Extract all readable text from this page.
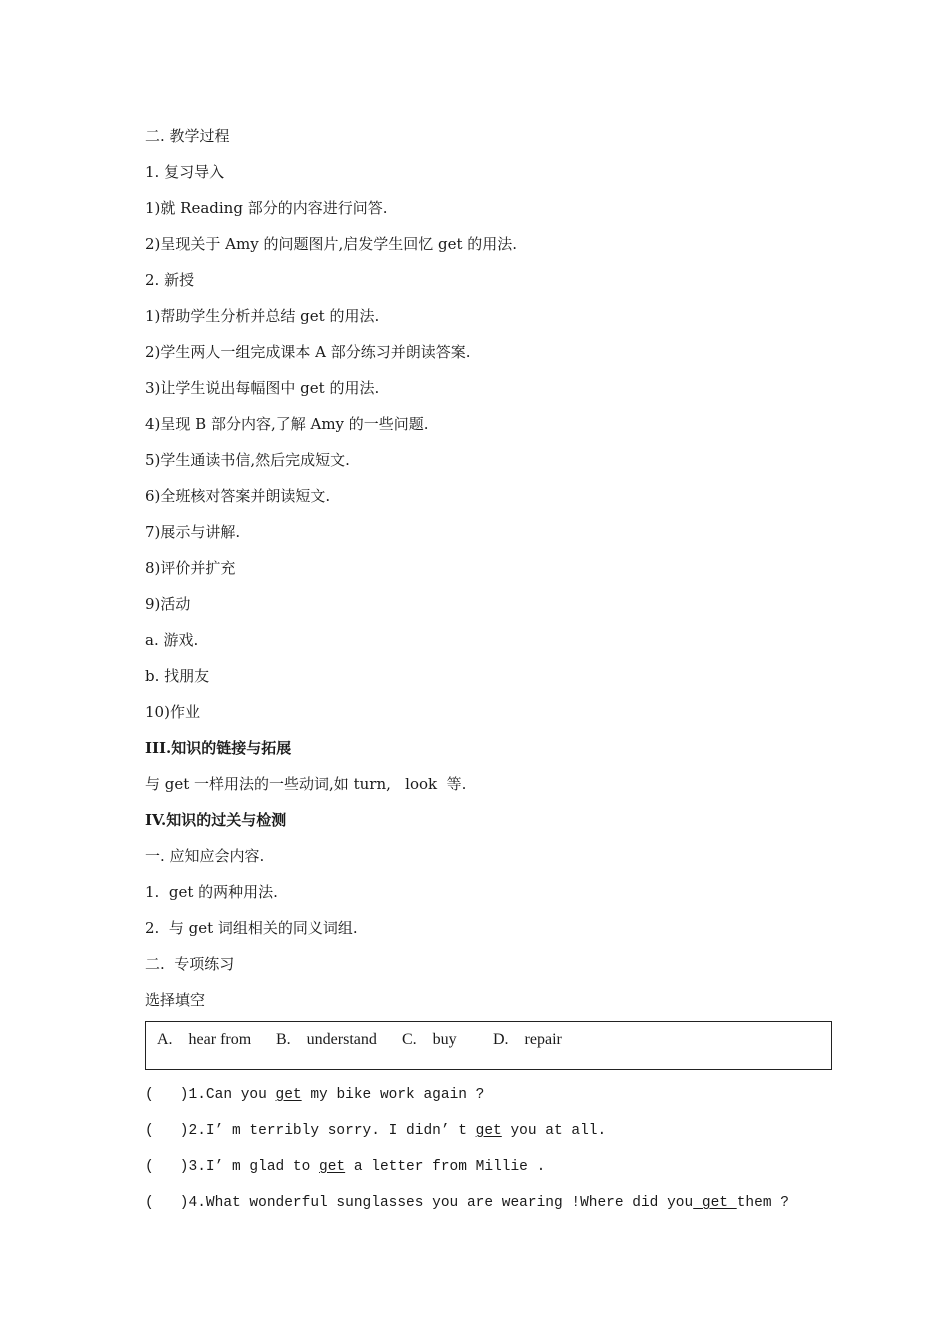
二. 教学过程
1. 复习导入
1)就 Reading 部分的内容进行问答.
2)呈现关于 Amy 的问题图片,启发学生回忆 get 的用法.
2. 新授
1)帮助学生分析并总结 get 的用法.
2)学生两人一组完成课本 A 部分练习并朗读答案.
3)让学生说出每幅图中 get 的用法.
4)呈现 B 部分内容,了解 Amy 的一些问题.
5)学生通读书信,然后完成短文.
6)全班核对答案并朗读短文.
7)展示与讲解.
8)评价并扩充
9)活动
a. 游戏.
b. 找朋友
10)作业
III.知识的链接与拓展
与 get 一样用法的一些动词,如 turn,   look  等.
IV.知识的过关与检测
一. 应知应会内容.
1.  get 的两种用法.
2.  与 get 词组相关的同义词组.
二.  专项练习
选择填空
A.    hear from B.    understand C.    buy D.    repair
(   )1.Can you get my bike work again ?
(   )2.I’ m terribly sorry. I didn’ t get you at all.
(   )3.I’ m glad to get a letter from Millie .
(   )4.What wonderful sunglasses you are wearing !Where did you get them ?
